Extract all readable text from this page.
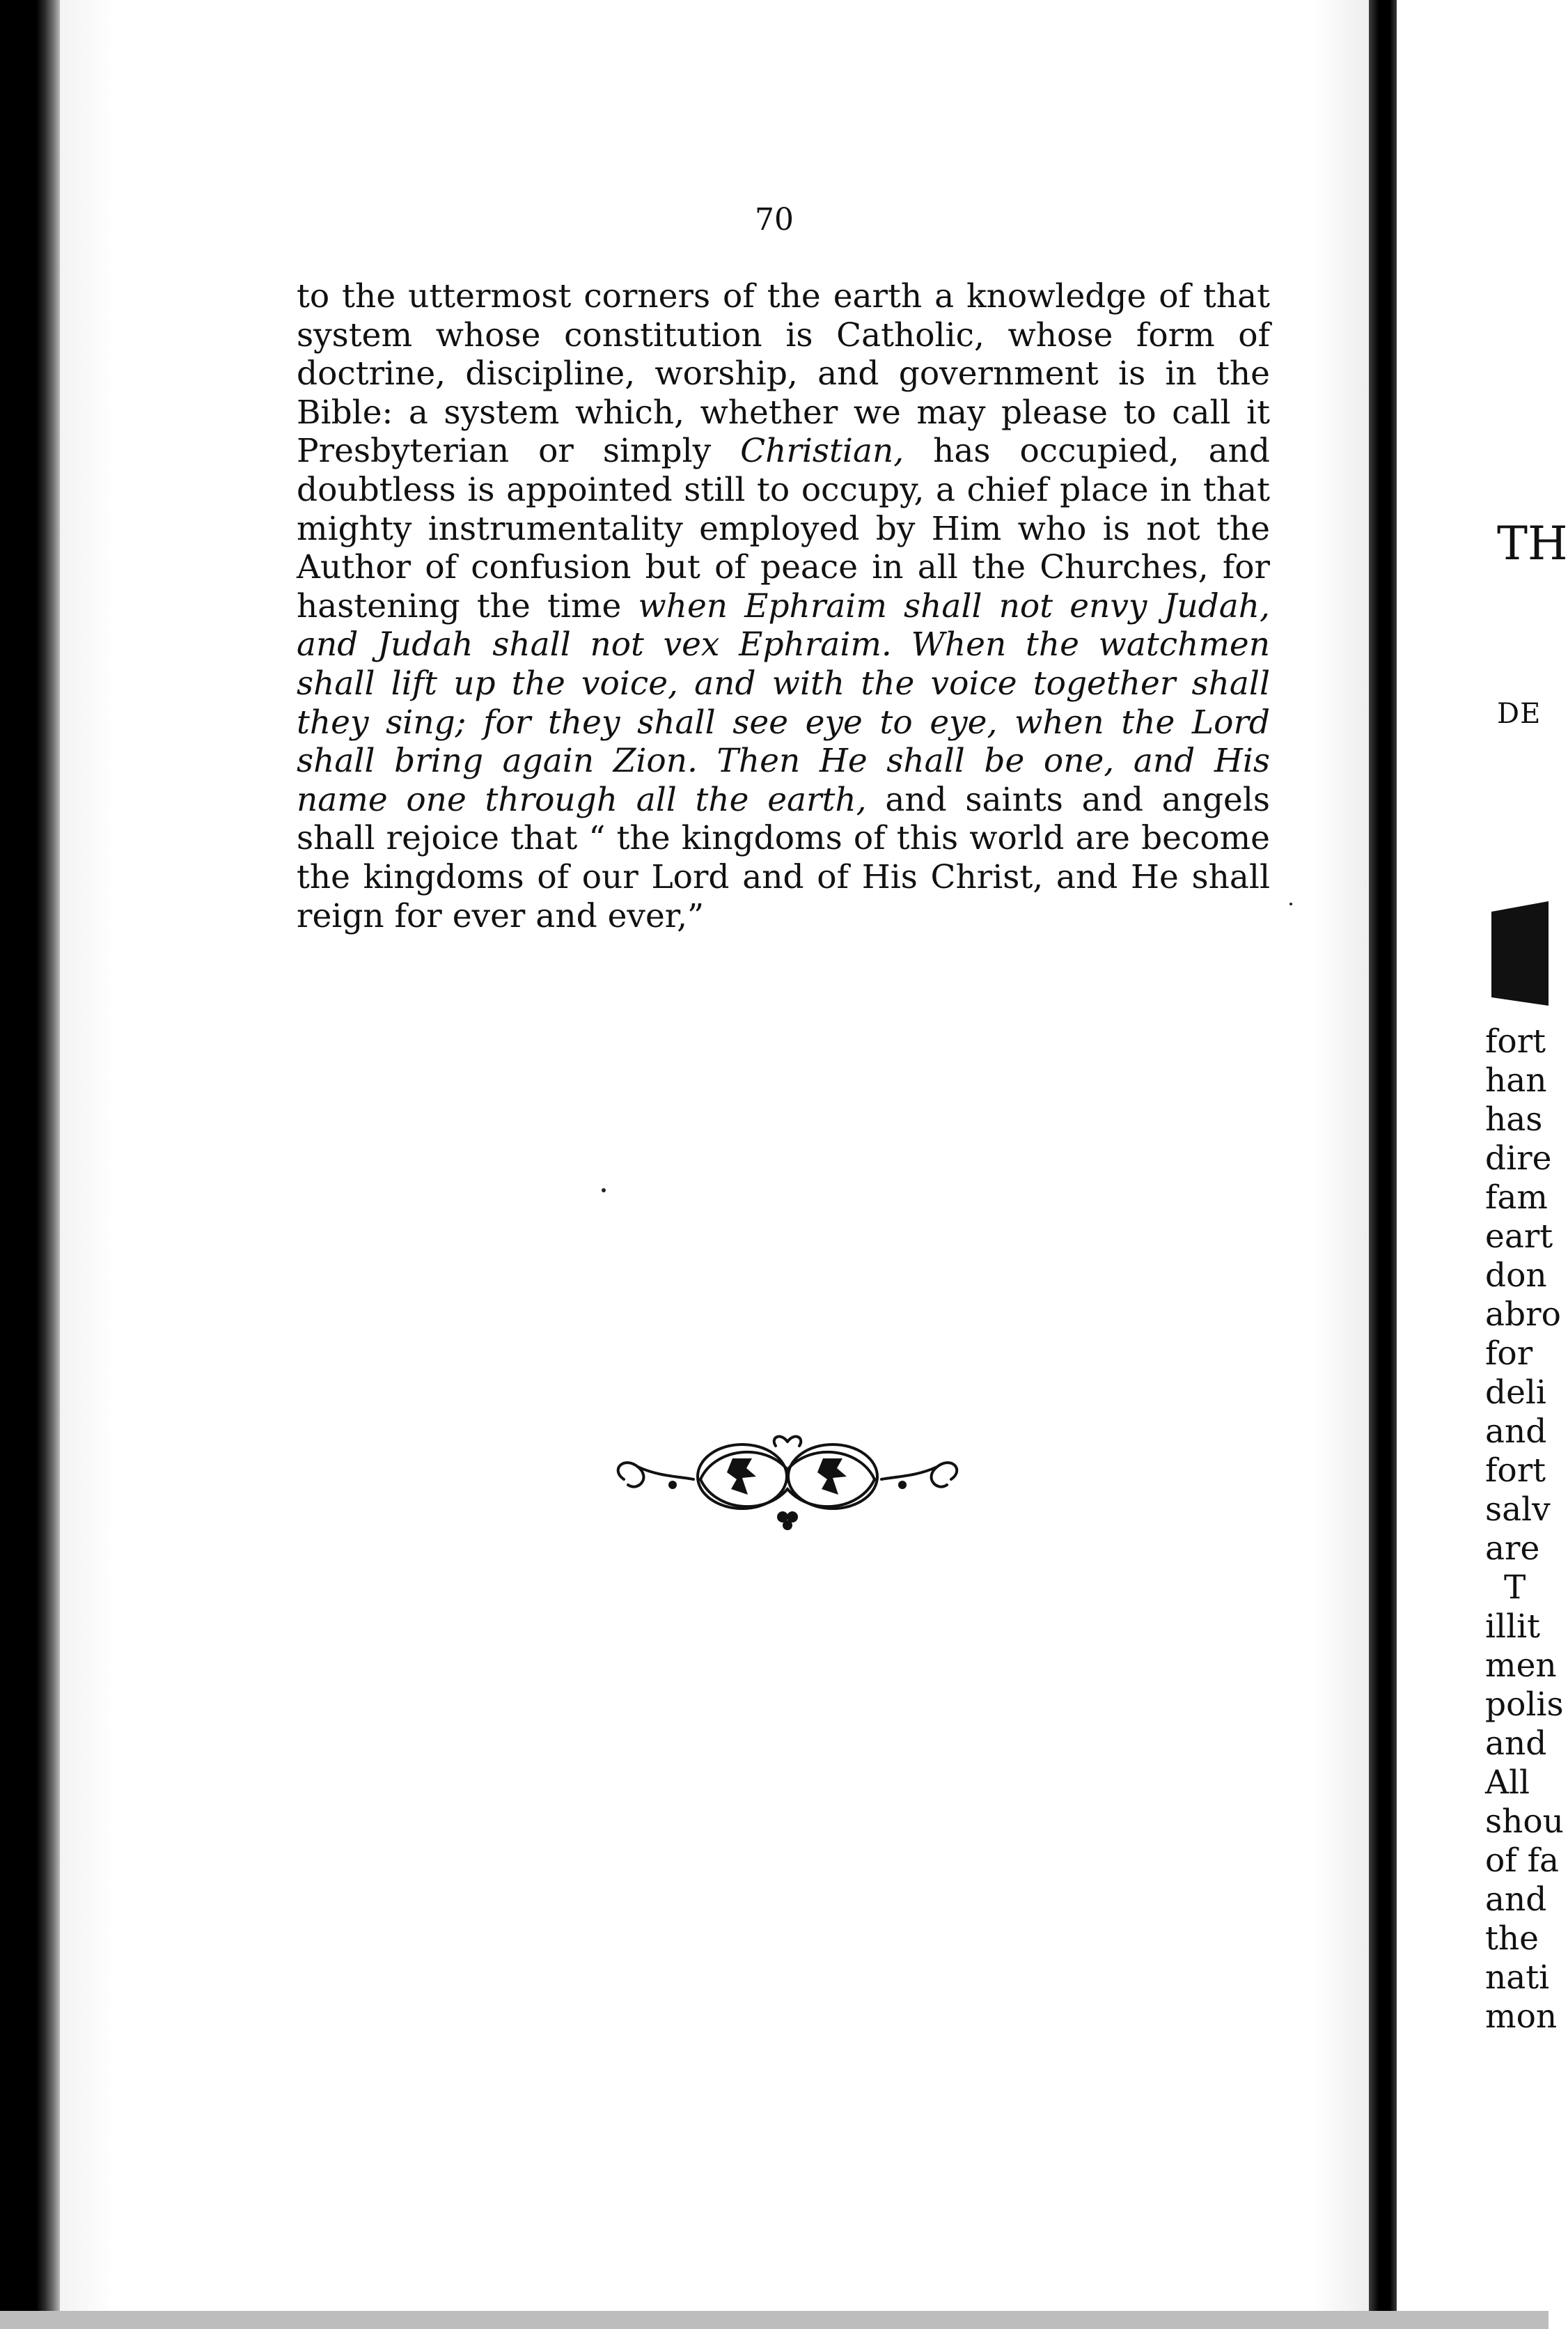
70

to the uttermost corners of the earth a knowledge of that system whose constitution is Catholic, whose form of doctrine, discipline, worship, and government is in the Bible: a system which, whether we may please to call it Presbyterian or simply Christian, has occupied, and doubtless is appointed still to occupy, a chief place in that mighty instrumentality employed by Him who is not the Author of confusion but of peace in all the Churches, for hastening the time when Ephraim shall not envy Judah, and Judah shall not vex Ephraim. When the watchmen shall lift up the voice, and with the voice together shall they sing; for they shall see eye to eye, when the Lord shall bring again Zion. Then He shall be one, and His name one through all the earth, and saints and angels shall rejoice that “ the kingdoms of this world are become the kingdoms of our Lord and of His Christ, and He shall reign for ever and ever,”

TH
DE
fort
han
has
dire
fam
eart
don
abro
for
deli
and
fort
salv
are
T
illit
men
polis
and
All
shou
of fa
and
the
nati
mon
